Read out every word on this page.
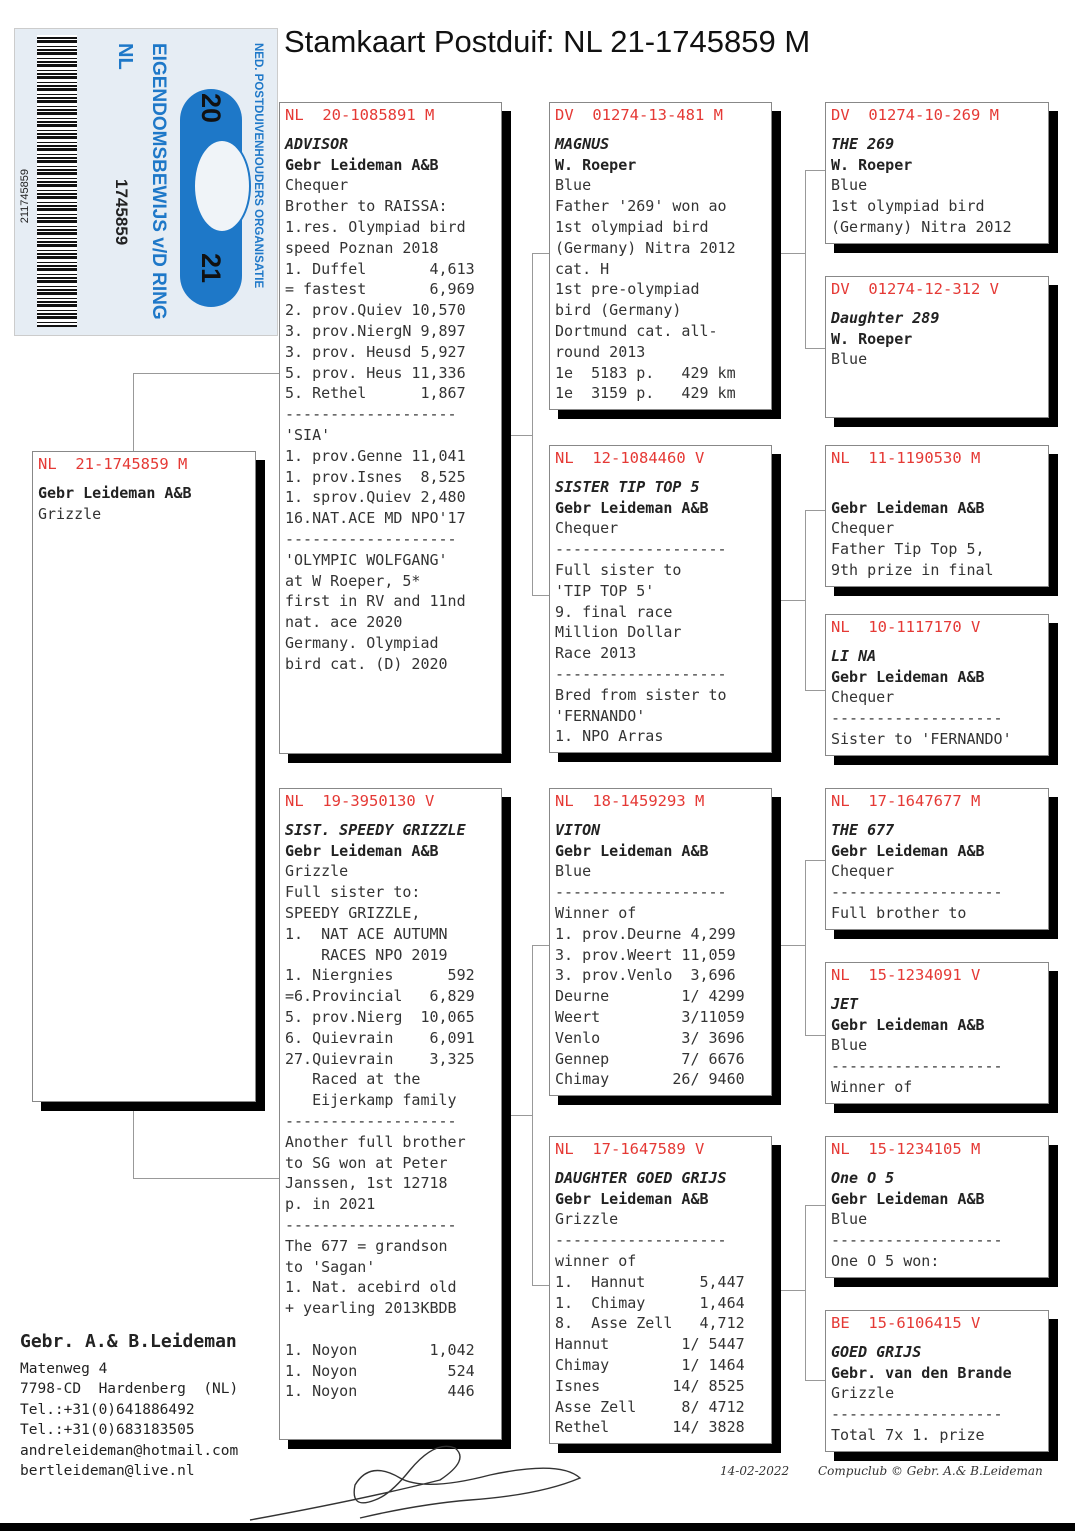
Stamkaart Postduif: NL 21-1745859 M
211745859
NL
1745859
20
21
EIGENDOMSBEWIJS v/D RING	NED. POSTDUIVENHOUDERS ORGANISATIE
NL  21-1745859 M
Gebr Leideman A&B
Grizzle
NL  20-1085891 M
ADVISOR
Gebr Leideman A&B
Chequer
Brother to RAISSA:
1.res. Olympiad bird
speed Poznan 2018
1. Duffel       4,613
= fastest       6,969
2. prov.Quiev 10,570
3. prov.NiergN 9,897
3. prov. Heusd 5,927
5. prov. Heus 11,336
5. Rethel      1,867
-------------------
'SIA'
1. prov.Genne 11,041
1. prov.Isnes  8,525
1. sprov.Quiev 2,480
16.NAT.ACE MD NPO'17
-------------------
'OLYMPIC WOLFGANG'
at W Roeper, 5*
first in RV and 11nd
nat. ace 2020
Germany. Olympiad
bird cat. (D) 2020
NL  19-3950130 V
SIST. SPEEDY GRIZZLE
Gebr Leideman A&B
Grizzle
Full sister to:
SPEEDY GRIZZLE,
1.  NAT ACE AUTUMN
RACES NPO 2019
1. Niergnies      592
=6.Provincial   6,829
5. prov.Nierg  10,065
6. Quievrain    6,091
27.Quievrain    3,325
Raced at the
Eijerkamp family
-------------------
Another full brother
to SG won at Peter
Janssen, 1st 12718
p. in 2021
-------------------
The 677 = grandson
to 'Sagan'
1. Nat. acebird old
+ yearling 2013KBDB

1. Noyon        1,042
1. Noyon          524
1. Noyon          446
DV  01274-13-481 M
MAGNUS
W. Roeper
Blue
Father '269' won ao
1st olympiad bird
(Germany) Nitra 2012
cat. H
1st pre-olympiad
bird (Germany)
Dortmund cat. all-
round 2013
1e  5183 p.   429 km
1e  3159 p.   429 km
NL  12-1084460 V
SISTER TIP TOP 5
Gebr Leideman A&B
Chequer
-------------------
Full sister to
'TIP TOP 5'
9. final race
Million Dollar
Race 2013
-------------------
Bred from sister to
'FERNANDO'
1. NPO Arras
NL  18-1459293 M
VITON
Gebr Leideman A&B
Blue
-------------------
Winner of
1. prov.Deurne 4,299
3. prov.Weert 11,059
3. prov.Venlo  3,696
Deurne        1/ 4299
Weert         3/11059
Venlo         3/ 3696
Gennep        7/ 6676
Chimay       26/ 9460
NL  17-1647589 V
DAUGHTER GOED GRIJS
Gebr Leideman A&B
Grizzle
-------------------
winner of
1.  Hannut      5,447
1.  Chimay      1,464
8.  Asse Zell   4,712
Hannut        1/ 5447
Chimay        1/ 1464
Isnes        14/ 8525
Asse Zell     8/ 4712
Rethel       14/ 3828
DV  01274-10-269 M
THE 269
W. Roeper
Blue
1st olympiad bird
(Germany) Nitra 2012
DV  01274-12-312 V
Daughter 289
W. Roeper
Blue
NL  11-1190530 M

Gebr Leideman A&B
Chequer
Father Tip Top 5,
9th prize in final
NL  10-1117170 V
LI NA
Gebr Leideman A&B
Chequer
-------------------
Sister to 'FERNANDO'
NL  17-1647677 M
THE 677
Gebr Leideman A&B
Chequer
-------------------
Full brother to
NL  15-1234091 V
JET
Gebr Leideman A&B
Blue
-------------------
Winner of
NL  15-1234105 M
One O 5
Gebr Leideman A&B
Blue
-------------------
One O 5 won:
BE  15-6106415 V
GOED GRIJS
Gebr. van den Brande
Grizzle
-------------------
Total 7x 1. prize
Gebr. A.& B.Leideman
Matenweg 4
7798-CD  Hardenberg  (NL)
Tel.:+31(0)641886492
Tel.:+31(0)683183505
andreleideman@hotmail.com
bertleideman@live.nl	14-02-2022 Compuclub © Gebr. A.& B.Leideman
